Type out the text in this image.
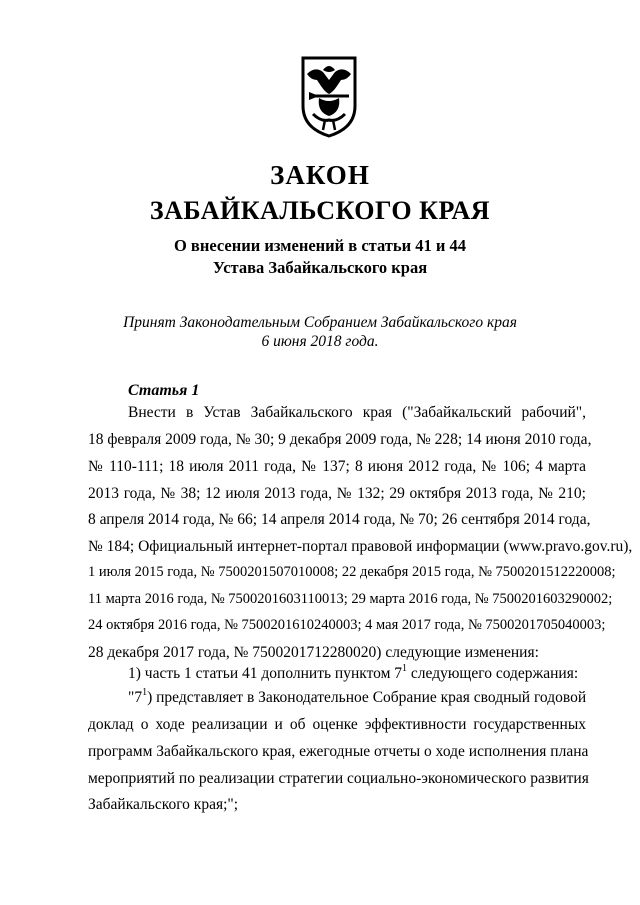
ЗАКОН
ЗАБАЙКАЛЬСКОГО КРАЯ
О внесении изменений в статьи 41 и 44
Устава Забайкальского края
Принят Законодательным Собранием Забайкальского края
6 июня 2018 года.
Статья 1
Внести в Устав Забайкальского края ("Забайкальский рабочий",
18 февраля 2009 года, № 30; 9 декабря 2009 года, № 228; 14 июня 2010 года,
№ 110-111; 18 июля 2011 года, № 137; 8 июня 2012 года, № 106; 4 марта
2013 года, № 38; 12 июля 2013 года, № 132; 29 октября 2013 года, № 210;
8 апреля 2014 года, № 66; 14 апреля 2014 года, № 70; 26 сентября 2014 года,
№ 184; Официальный интернет-портал правовой информации (www.pravo.gov.ru),
1 июля 2015 года, № 7500201507010008; 22 декабря 2015 года, № 7500201512220008;
11 марта 2016 года, № 7500201603110013; 29 марта 2016 года, № 7500201603290002;
24 октября 2016 года, № 7500201610240003; 4 мая 2017 года, № 7500201705040003;
28 декабря 2017 года, № 7500201712280020) следующие изменения:
1) часть 1 статьи 41 дополнить пунктом $7^1$ следующего содержания:
"$7^1$) представляет в Законодательное Собрание края сводный годовой
доклад о ходе реализации и об оценке эффективности государственных
программ Забайкальского края, ежегодные отчеты о ходе исполнения плана
мероприятий по реализации стратегии социально-экономического развития
Забайкальского края;";
